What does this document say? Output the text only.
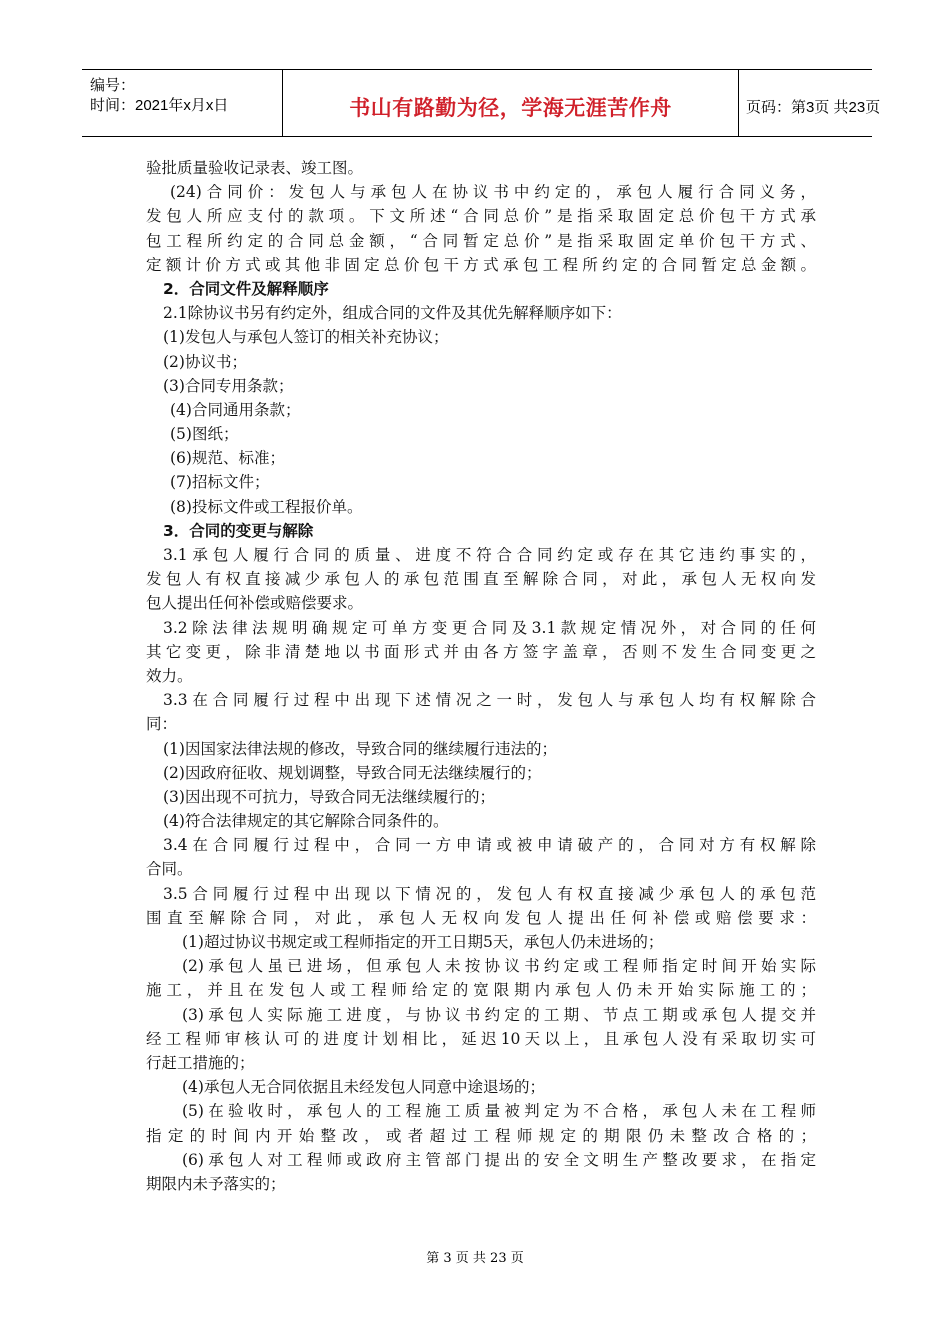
编号：
时间：2021年x月x日	书山有路勤为径，学海无涯苦作舟	页码：第3页 共23页
验批质量验收记录表、竣工图。
(24)合同价：发包人与承包人在协议书中约定的，承包人履行合同义务，
发包人所应支付的款项。下文所述“合同总价”是指采取固定总价包干方式承
包工程所约定的合同总金额，“合同暂定总价”是指采取固定单价包干方式、
定额计价方式或其他非固定总价包干方式承包工程所约定的合同暂定总金额。
2．合同文件及解释顺序
2.1除协议书另有约定外，组成合同的文件及其优先解释顺序如下：
(1)发包人与承包人签订的相关补充协议；
(2)协议书；
(3)合同专用条款；
(4)合同通用条款；
(5)图纸；
(6)规范、标准；
(7)招标文件；
(8)投标文件或工程报价单。
3．合同的变更与解除
3.1承包人履行合同的质量、进度不符合合同约定或存在其它违约事实的，
发包人有权直接减少承包人的承包范围直至解除合同，对此，承包人无权向发
包人提出任何补偿或赔偿要求。
3.2除法律法规明确规定可单方变更合同及3.1款规定情况外，对合同的任何
其它变更，除非清楚地以书面形式并由各方签字盖章，否则不发生合同变更之
效力。
3.3在合同履行过程中出现下述情况之一时，发包人与承包人均有权解除合
同：
(1)因国家法律法规的修改，导致合同的继续履行违法的；
(2)因政府征收、规划调整，导致合同无法继续履行的；
(3)因出现不可抗力，导致合同无法继续履行的；
(4)符合法律规定的其它解除合同条件的。
3.4在合同履行过程中，合同一方申请或被申请破产的，合同对方有权解除
合同。
3.5合同履行过程中出现以下情况的，发包人有权直接减少承包人的承包范
围直至解除合同，对此，承包人无权向发包人提出任何补偿或赔偿要求：
(1)超过协议书规定或工程师指定的开工日期5天，承包人仍未进场的；
(2)承包人虽已进场，但承包人未按协议书约定或工程师指定时间开始实际
施工，并且在发包人或工程师给定的宽限期内承包人仍未开始实际施工的；
(3)承包人实际施工进度，与协议书约定的工期、节点工期或承包人提交并
经工程师审核认可的进度计划相比，延迟10天以上，且承包人没有采取切实可
行赶工措施的；
(4)承包人无合同依据且未经发包人同意中途退场的；
(5)在验收时，承包人的工程施工质量被判定为不合格，承包人未在工程师
指定的时间内开始整改，或者超过工程师规定的期限仍未整改合格的；
(6)承包人对工程师或政府主管部门提出的安全文明生产整改要求，在指定
期限内未予落实的；
第 3 页 共 23 页
